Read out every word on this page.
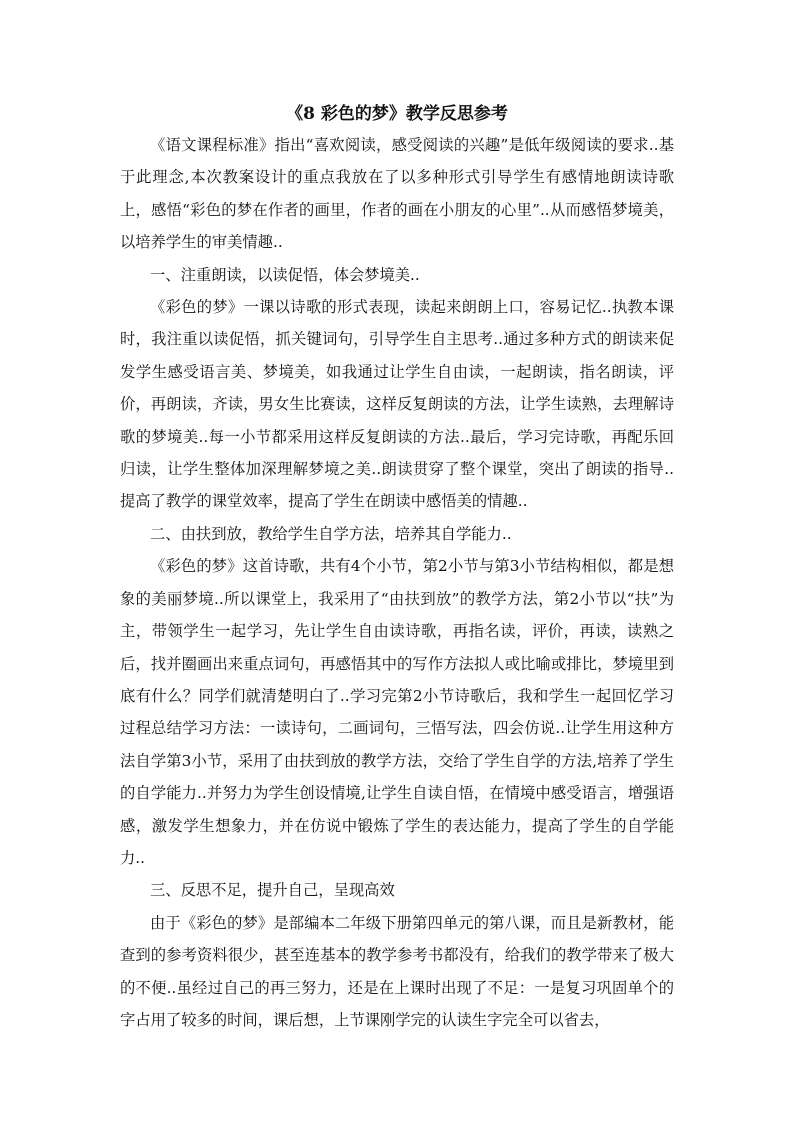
《8 彩色的梦》教学反思参考

《语文课程标准》指出“喜欢阅读，感受阅读的兴趣”是低年级阅读的要求..基于此理念,本次教案设计的重点我放在了以多种形式引导学生有感情地朗读诗歌上，感悟“彩色的梦在作者的画里，作者的画在小朋友的心里”..从而感悟梦境美，以培养学生的审美情趣..

一、注重朗读，以读促悟，体会梦境美..

《彩色的梦》一课以诗歌的形式表现，读起来朗朗上口，容易记忆..执教本课时，我注重以读促悟，抓关键词句，引导学生自主思考..通过多种方式的朗读来促发学生感受语言美、梦境美，如我通过让学生自由读，一起朗读，指名朗读，评价，再朗读，齐读，男女生比赛读，这样反复朗读的方法，让学生读熟，去理解诗歌的梦境美..每一小节都采用这样反复朗读的方法..最后，学习完诗歌，再配乐回归读，让学生整体加深理解梦境之美..朗读贯穿了整个课堂，突出了朗读的指导..提高了教学的课堂效率，提高了学生在朗读中感悟美的情趣..

二、由扶到放，教给学生自学方法，培养其自学能力..

《彩色的梦》这首诗歌，共有4个小节，第2小节与第3小节结构相似，都是想象的美丽梦境..所以课堂上，我采用了“由扶到放”的教学方法，第2小节以“扶”为主，带领学生一起学习，先让学生自由读诗歌，再指名读，评价，再读，读熟之后，找并圈画出来重点词句，再感悟其中的写作方法拟人或比喻或排比，梦境里到底有什么？同学们就清楚明白了..学习完第2小节诗歌后，我和学生一起回忆学习过程总结学习方法：一读诗句，二画词句，三悟写法，四会仿说..让学生用这种方法自学第3小节，采用了由扶到放的教学方法，交给了学生自学的方法,培养了学生的自学能力..并努力为学生创设情境,让学生自读自悟，在情境中感受语言，增强语感，激发学生想象力，并在仿说中锻炼了学生的表达能力，提高了学生的自学能力..

三、反思不足，提升自己，呈现高效

由于《彩色的梦》是部编本二年级下册第四单元的第八课，而且是新教材，能查到的参考资料很少，甚至连基本的教学参考书都没有，给我们的教学带来了极大的不便..虽经过自己的再三努力，还是在上课时出现了不足：一是复习巩固单个的字占用了较多的时间，课后想，上节课刚学完的认读生字完全可以省去，
